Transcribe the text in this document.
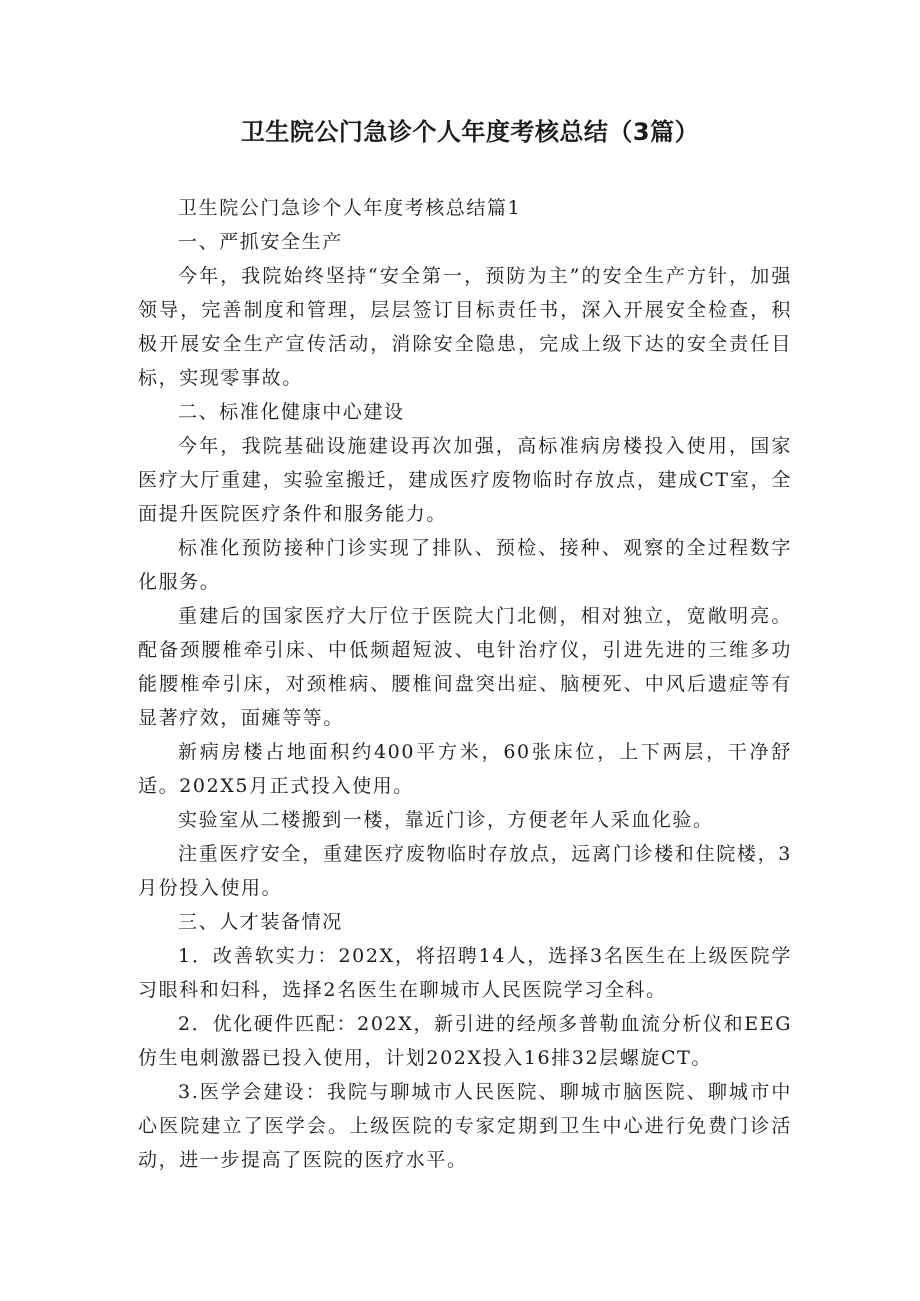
卫生院公门急诊个人年度考核总结（3篇）

卫生院公门急诊个人年度考核总结篇1

一、严抓安全生产

今年，我院始终坚持“安全第一，预防为主”的安全生产方针，加强领导，完善制度和管理，层层签订目标责任书，深入开展安全检查，积极开展安全生产宣传活动，消除安全隐患，完成上级下达的安全责任目标，实现零事故。

二、标准化健康中心建设

今年，我院基础设施建设再次加强，高标准病房楼投入使用，国家医疗大厅重建，实验室搬迁，建成医疗废物临时存放点，建成CT室，全面提升医院医疗条件和服务能力。

标准化预防接种门诊实现了排队、预检、接种、观察的全过程数字化服务。

重建后的国家医疗大厅位于医院大门北侧，相对独立，宽敞明亮。配备颈腰椎牵引床、中低频超短波、电针治疗仪，引进先进的三维多功能腰椎牵引床，对颈椎病、腰椎间盘突出症、脑梗死、中风后遗症等有显著疗效，面瘫等等。

新病房楼占地面积约400平方米，60张床位，上下两层，干净舒适。202X5月正式投入使用。

实验室从二楼搬到一楼，靠近门诊，方便老年人采血化验。

注重医疗安全，重建医疗废物临时存放点，远离门诊楼和住院楼，3月份投入使用。

三、人才装备情况

1．改善软实力：202X，将招聘14人，选择3名医生在上级医院学习眼科和妇科，选择2名医生在聊城市人民医院学习全科。

2．优化硬件匹配：202X，新引进的经颅多普勒血流分析仪和EEG仿生电刺激器已投入使用，计划202X投入16排32层螺旋CT。

3.医学会建设：我院与聊城市人民医院、聊城市脑医院、聊城市中心医院建立了医学会。上级医院的专家定期到卫生中心进行免费门诊活动，进一步提高了医院的医疗水平。
